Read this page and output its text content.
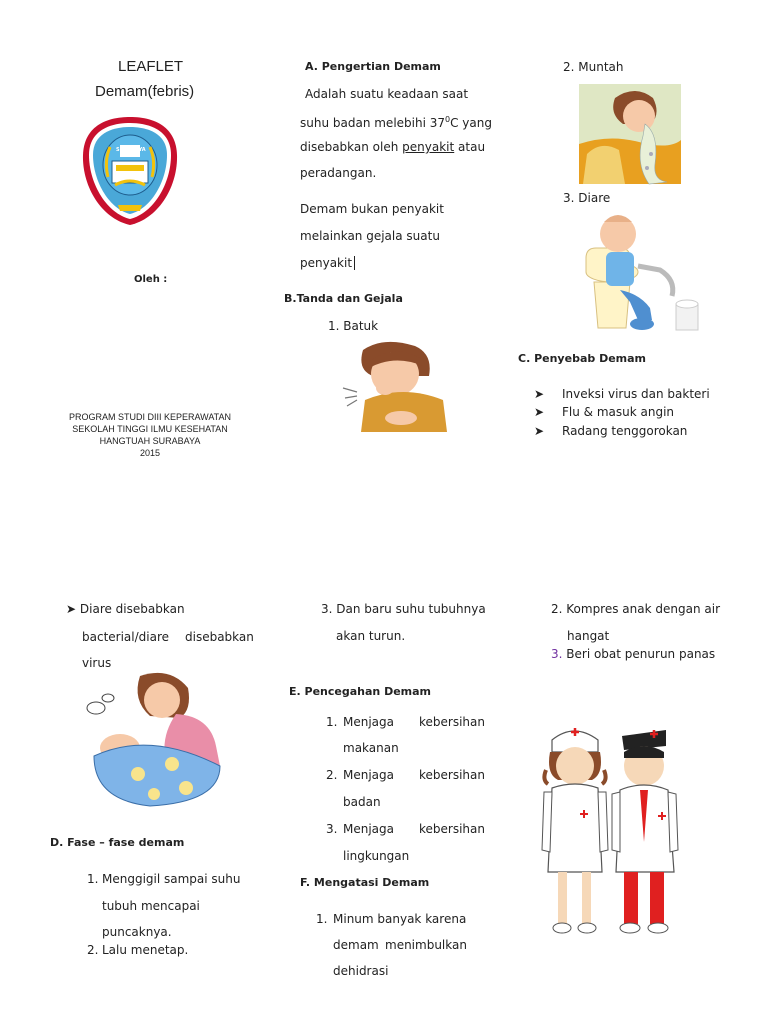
LEAFLET
Demam(febris)
SURABAYA
Oleh :
PROGRAM STUDI DIII KEPERAWATAN
SEKOLAH TINGGI ILMU KESEHATAN
HANGTUAH SURABAYA
2015
A. Pengertian Demam
Adalah suatu keadaan saat
suhu badan melebihi $37^0C$ yang
disebabkan oleh penyakit atau
peradangan.
Demam bukan penyakit
melainkan gejala suatu
penyakit
B.Tanda dan Gejala
1. Batuk
2. Muntah
3. Diare
C. Penyebab Demam
➤ Inveksi virus dan bakteri
➤ Flu & masuk angin
➤ Radang tenggorokan
➤ Diare disebabkan
bacterial/diare disebabkan
virus
D. Fase – fase demam
1. Menggigil sampai suhu
tubuh mencapai
puncaknya.
2. Lalu menetap.
3. Dan baru suhu tubuhnya
akan turun.
E. Pencegahan Demam
1. Menjaga kebersihan
makanan
2. Menjaga kebersihan
badan
3. Menjaga kebersihan
lingkungan
F. Mengatasi Demam
1. Minum banyak karena
demam menimbulkan
dehidrasi
2. Kompres anak dengan air
hangat
3. Beri obat penurun panas
